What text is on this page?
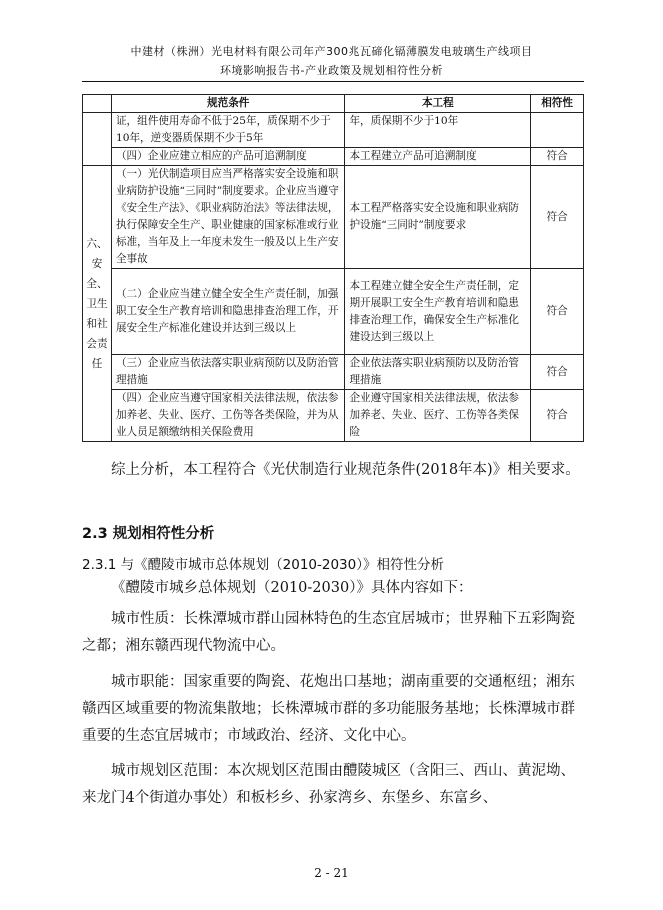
中建材（株洲）光电材料有限公司年产300兆瓦碲化镉薄膜发电玻璃生产线项目
环境影响报告书-产业政策及规划相符性分析
	规范条件	本工程	相符性
	证，组件使用寿命不低于25年，质保期不少于10年，逆变器质保期不少于5年	年，质保期不少于10年	
	（四）企业应建立相应的产品可追溯制度	本工程建立产品可追溯制度	符合
六、安全、卫生和社会责任	（一）光伏制造项目应当严格落实安全设施和职业病防护设施“三同时”制度要求。企业应当遵守《安全生产法》、《职业病防治法》等法律法规，执行保障安全生产、职业健康的国家标准或行业标准，当年及上一年度未发生一般及以上生产安全事故	本工程严格落实安全设施和职业病防护设施“三同时”制度要求	符合
	（二）企业应当建立健全安全生产责任制，加强职工安全生产教育培训和隐患排查治理工作，开展安全生产标准化建设并达到三级以上	本工程建立健全安全生产责任制，定期开展职工安全生产教育培训和隐患排查治理工作，确保安全生产标准化建设达到三级以上	符合
	（三）企业应当依法落实职业病预防以及防治管理措施	企业依法落实职业病预防以及防治管理措施	符合
	（四）企业应当遵守国家相关法律法规，依法参加养老、失业、医疗、工伤等各类保险，并为从业人员足额缴纳相关保险费用	企业遵守国家相关法律法规，依法参加养老、失业、医疗、工伤等各类保险	符合
综上分析，本工程符合《光伏制造行业规范条件(2018年本)》相关要求。
2.3 规划相符性分析
2.3.1 与《醴陵市城市总体规划（2010-2030）》相符性分析
《醴陵市城乡总体规划（2010-2030）》具体内容如下：
城市性质：长株潭城市群山园林特色的生态宜居城市；世界釉下五彩陶瓷之都；湘东赣西现代物流中心。
城市职能：国家重要的陶瓷、花炮出口基地；湖南重要的交通枢纽；湘东赣西区域重要的物流集散地；长株潭城市群的多功能服务基地；长株潭城市群重要的生态宜居城市；市域政治、经济、文化中心。
城市规划区范围：本次规划区范围由醴陵城区（含阳三、西山、黄泥坳、来龙门4个街道办事处）和板杉乡、孙家湾乡、东堡乡、东富乡、
2 - 21
